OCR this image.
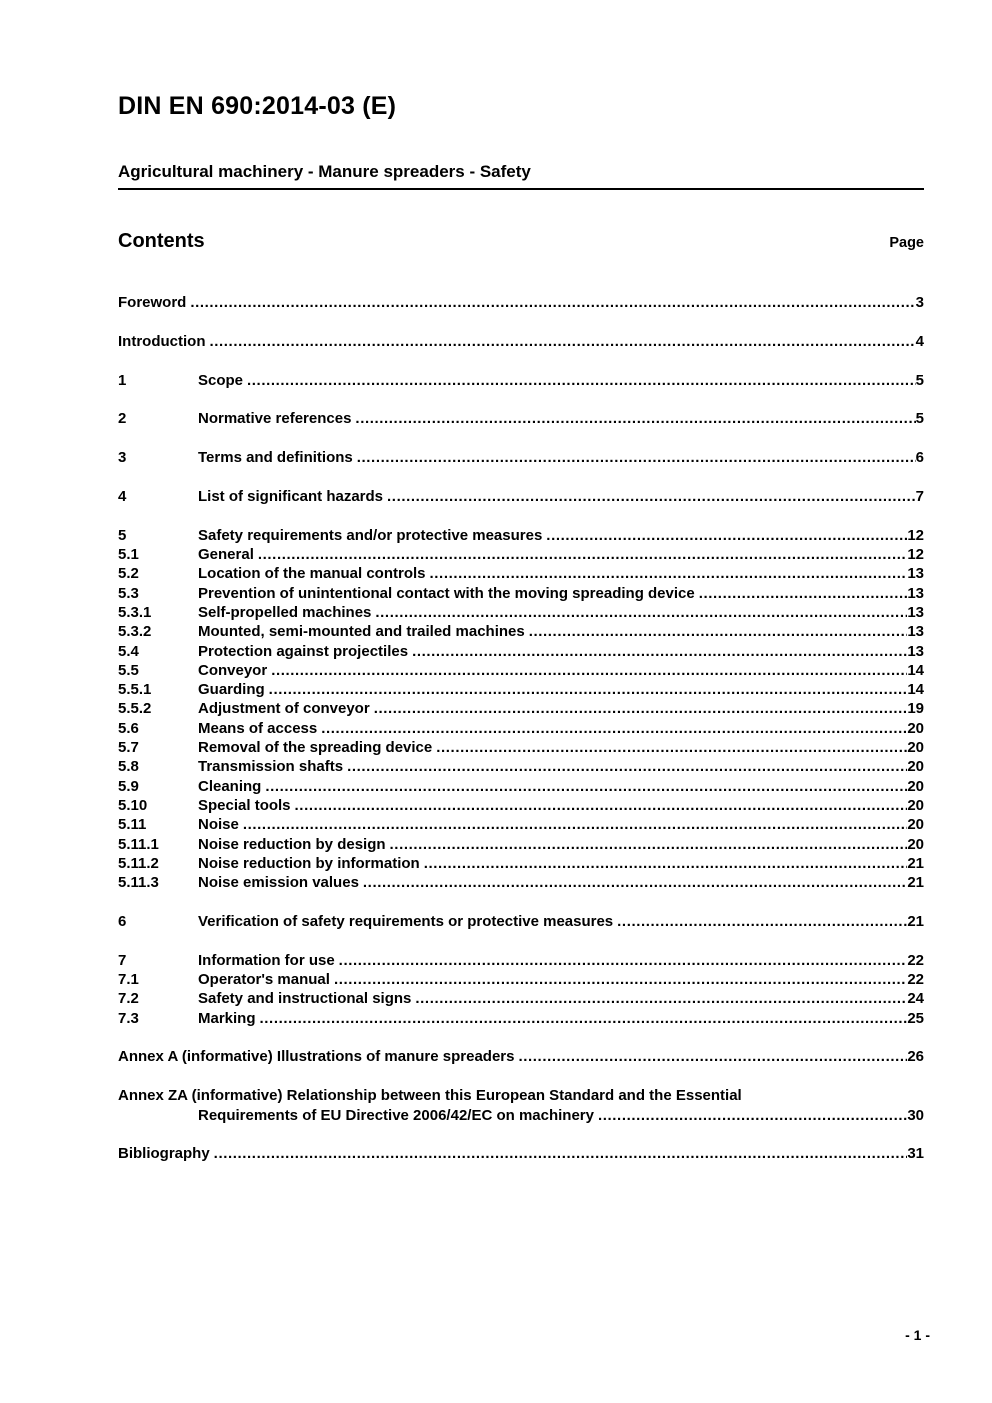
DIN EN 690:2014-03 (E)
Agricultural machinery - Manure spreaders - Safety
Contents	Page
Foreword .....	3
Introduction .....	4
1	Scope .....	5
2	Normative references .....	5
3	Terms and definitions .....	6
4	List of significant hazards .....	7
5	Safety requirements and/or protective measures .....	12
5.1	General .....	12
5.2	Location of the manual controls .....	13
5.3	Prevention of unintentional contact with the moving spreading device .....	13
5.3.1	Self-propelled machines .....	13
5.3.2	Mounted, semi-mounted and trailed machines .....	13
5.4	Protection against projectiles .....	13
5.5	Conveyor .....	14
5.5.1	Guarding .....	14
5.5.2	Adjustment of conveyor .....	19
5.6	Means of access .....	20
5.7	Removal of the spreading device .....	20
5.8	Transmission shafts .....	20
5.9	Cleaning .....	20
5.10	Special tools .....	20
5.11	Noise .....	20
5.11.1	Noise reduction by design .....	20
5.11.2	Noise reduction by information .....	21
5.11.3	Noise emission values .....	21
6	Verification of safety requirements or protective measures .....	21
7	Information for use .....	22
7.1	Operator's manual .....	22
7.2	Safety and instructional signs .....	24
7.3	Marking .....	25
Annex A (informative) Illustrations of manure spreaders .....	26
Annex ZA (informative) Relationship between this European Standard and the Essential
Requirements of EU Directive 2006/42/EC on machinery .....	30
Bibliography .....	31
- 1 -
